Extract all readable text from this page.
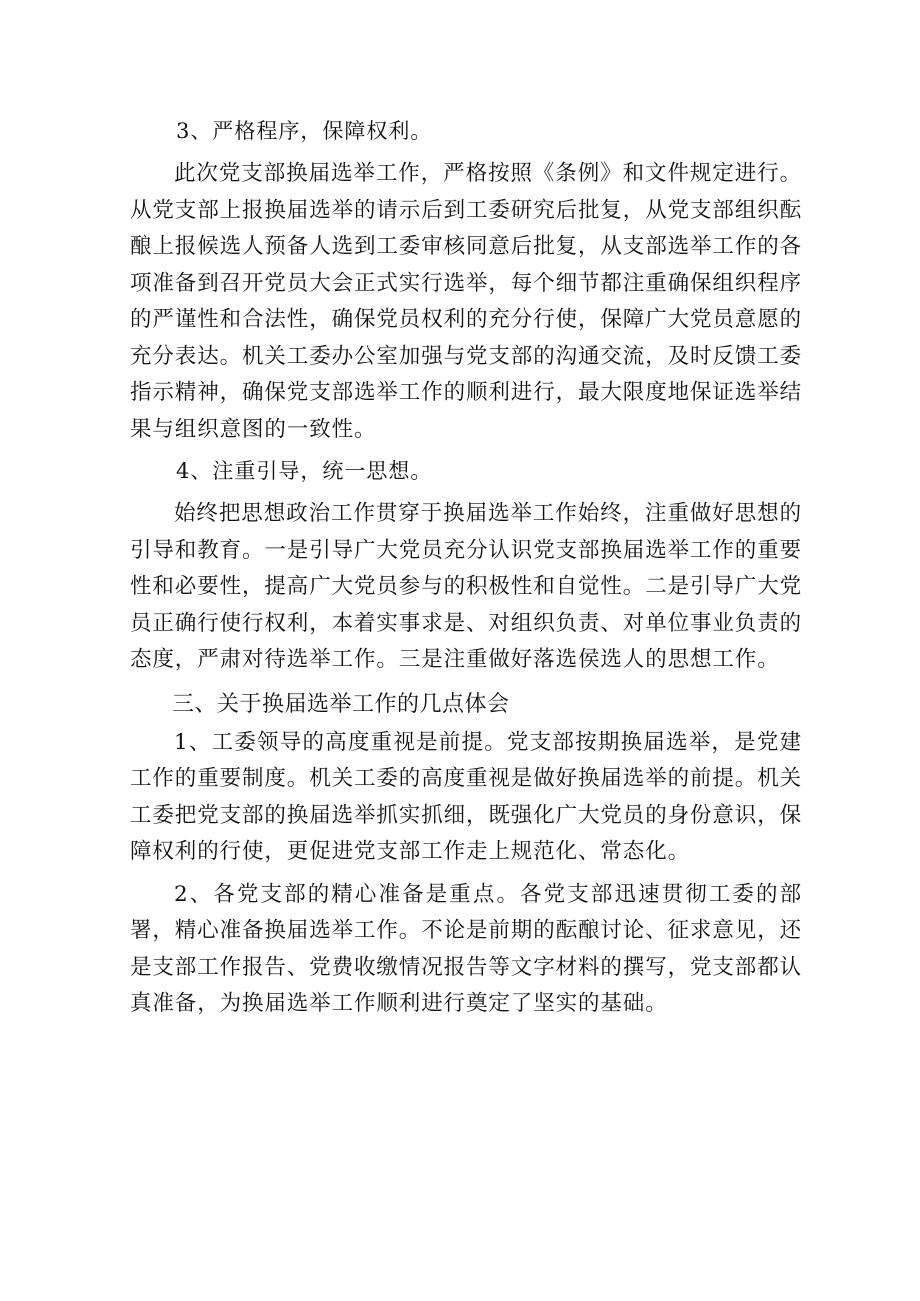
3、严格程序，保障权利。

此次党支部换届选举工作，严格按照《条例》和文件规定进行。从党支部上报换届选举的请示后到工委研究后批复，从党支部组织酝酿上报候选人预备人选到工委审核同意后批复，从支部选举工作的各项准备到召开党员大会正式实行选举，每个细节都注重确保组织程序的严谨性和合法性，确保党员权利的充分行使，保障广大党员意愿的充分表达。机关工委办公室加强与党支部的沟通交流，及时反馈工委指示精神，确保党支部选举工作的顺利进行，最大限度地保证选举结果与组织意图的一致性。

4、注重引导，统一思想。

始终把思想政治工作贯穿于换届选举工作始终，注重做好思想的引导和教育。一是引导广大党员充分认识党支部换届选举工作的重要性和必要性，提高广大党员参与的积极性和自觉性。二是引导广大党员正确行使行权利，本着实事求是、对组织负责、对单位事业负责的态度，严肃对待选举工作。三是注重做好落选侯选人的思想工作。

三、关于换届选举工作的几点体会

1、工委领导的高度重视是前提。党支部按期换届选举，是党建工作的重要制度。机关工委的高度重视是做好换届选举的前提。机关工委把党支部的换届选举抓实抓细，既强化广大党员的身份意识，保障权利的行使，更促进党支部工作走上规范化、常态化。

2、各党支部的精心准备是重点。各党支部迅速贯彻工委的部署，精心准备换届选举工作。不论是前期的酝酿讨论、征求意见，还是支部工作报告、党费收缴情况报告等文字材料的撰写，党支部都认真准备，为换届选举工作顺利进行奠定了坚实的基础。
